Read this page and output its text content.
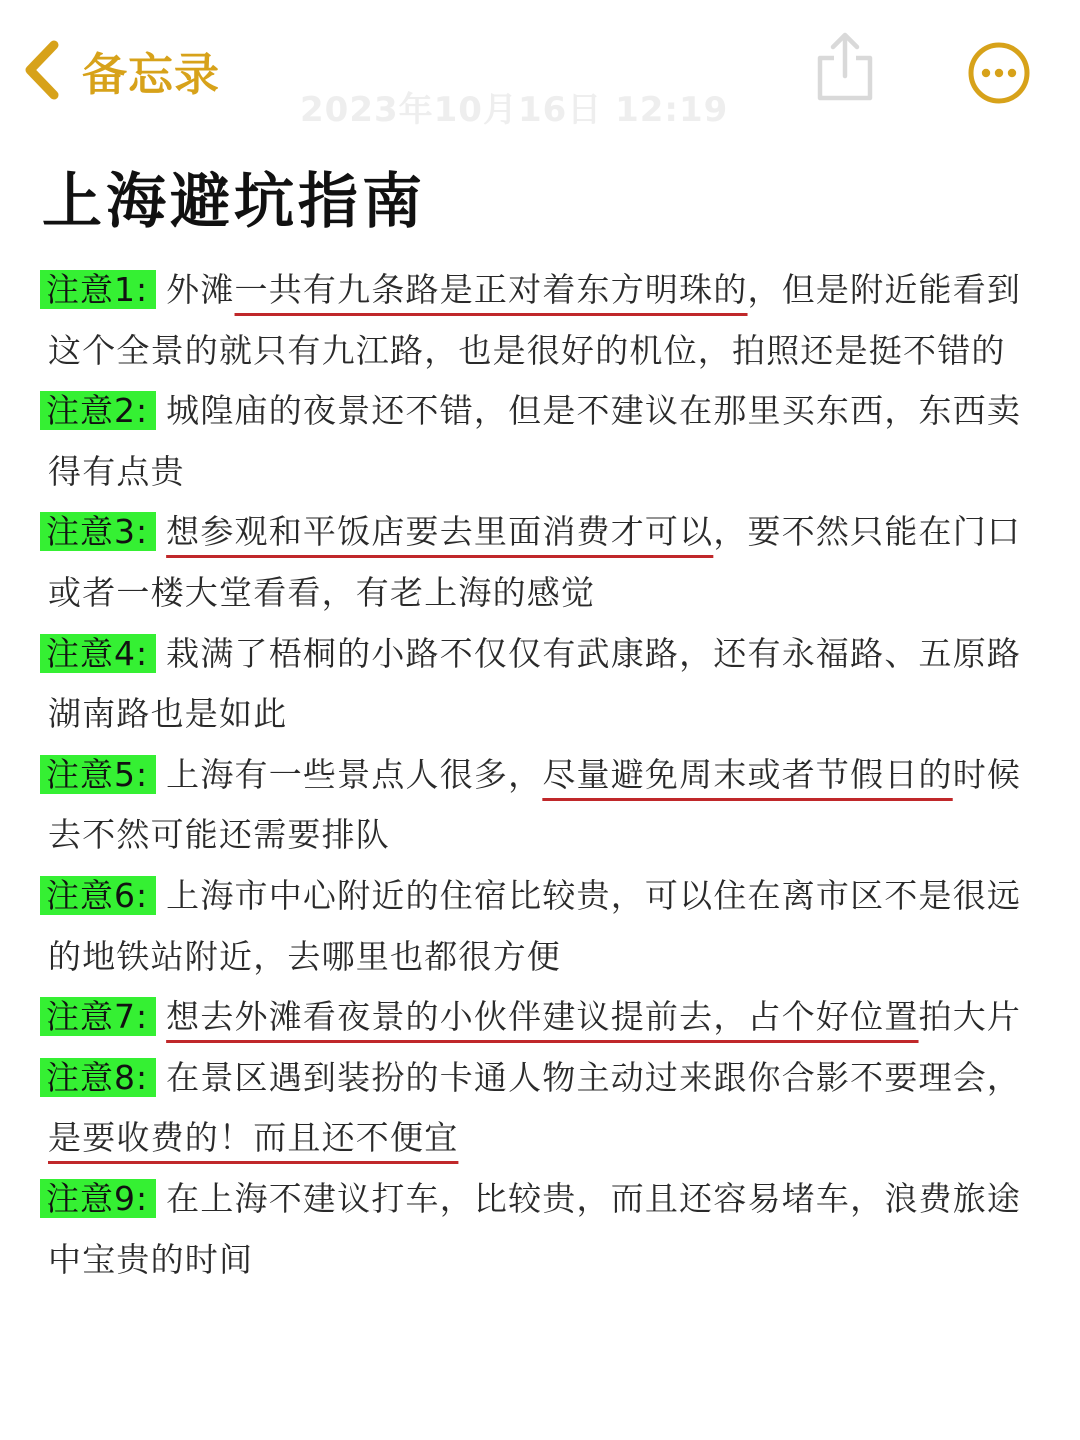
备忘录
2023年10月16日 12:19
上海避坑指南

注意1: 外滩一共有九条路是正对着东方明珠的，但是附近能看到这个全景的就只有九江路，也是很好的机位，拍照还是挺不错的

注意2: 城隍庙的夜景还不错，但是不建议在那里买东西，东西卖得有点贵

注意3: 想参观和平饭店要去里面消费才可以，要不然只能在门口或者一楼大堂看看，有老上海的感觉

注意4: 栽满了梧桐的小路不仅仅有武康路，还有永福路、五原路湖南路也是如此

注意5: 上海有一些景点人很多，尽量避免周末或者节假日的时候去不然可能还需要排队

注意6: 上海市中心附近的住宿比较贵，可以住在离市区不是很远的地铁站附近，去哪里也都很方便

注意7: 想去外滩看夜景的小伙伴建议提前去，占个好位置拍大片

注意8: 在景区遇到装扮的卡通人物主动过来跟你合影不要理会，是要收费的！而且还不便宜

注意9: 在上海不建议打车，比较贵，而且还容易堵车，浪费旅途中宝贵的时间
